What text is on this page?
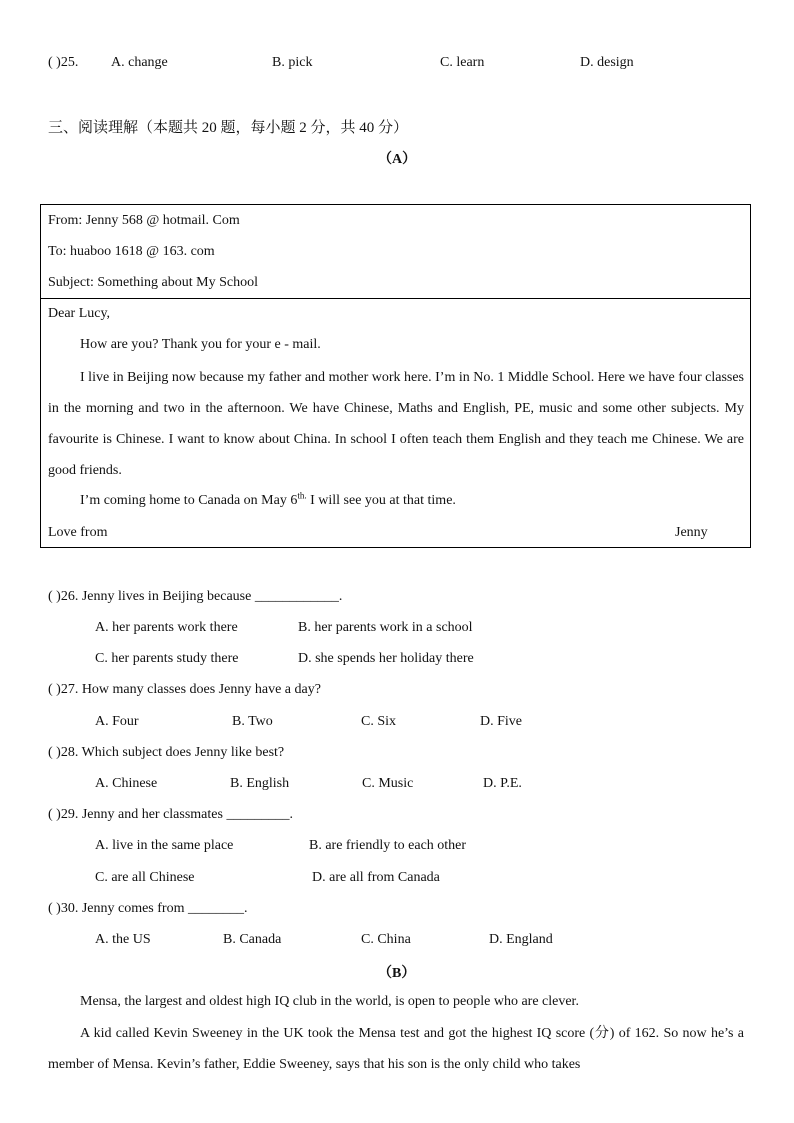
( )25. A. change	B. pick	C. learn	D. design
三、阅读理解（本题共 20 题，每小题 2 分，共 40 分）
（A）
From: Jenny 568 @ hotmail. Com
To: huaboo 1618 @ 163. com
Subject: Something about My School
Dear Lucy,
How are you? Thank you for your e - mail.
I live in Beijing now because my father and mother work here. I’m in No. 1 Middle School. Here we have four classes in the morning and two in the afternoon. We have Chinese, Maths and English, PE, music and some other subjects. My favourite is Chinese. I want to know about China. In school I often teach them English and they teach me Chinese. We are good friends.
I’m coming home to Canada on May $6^{th.}$ I will see you at that time.
Love from	Jenny
( )26. Jenny lives in Beijing because ____________.
A. her parents work there	B. her parents work in a school
C. her parents study there	D. she spends her holiday there
( )27. How many classes does Jenny have a day?
A. Four	B. Two	C. Six	D. Five
( )28. Which subject does Jenny like best?
A. Chinese	B. English	C. Music	D. P.E.
( )29. Jenny and her classmates _________.
A. live in the same place	B. are friendly to each other
C. are all Chinese	D. are all from Canada
( )30. Jenny comes from ________.
A. the US	B. Canada	C. China	D. England
（B）
Mensa, the largest and oldest high IQ club in the world, is open to people who are clever.
A kid called Kevin Sweeney in the UK took the Mensa test and got the highest IQ score (分) of 162. So now he’s a member of Mensa. Kevin’s father, Eddie Sweeney, says that his son is the only child who takes
